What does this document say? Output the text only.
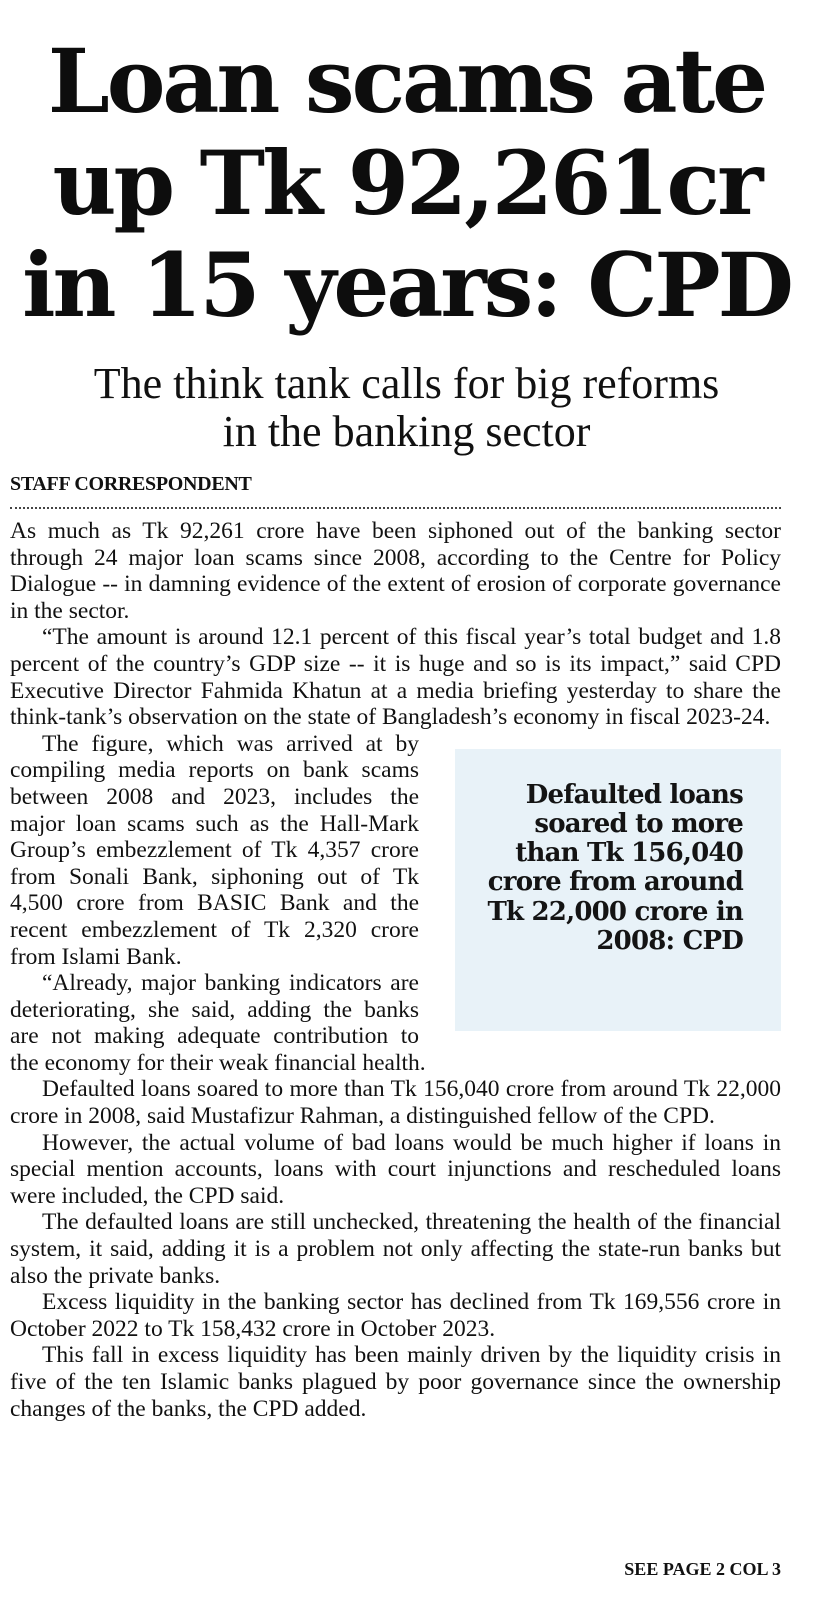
Loan scams ate
up Tk 92,261cr
in 15 years: CPD
The think tank calls for big reforms
in the banking sector
STAFF CORRESPONDENT

As much as Tk 92,261 crore have been siphoned out of the banking sector through 24 major loan scams since 2008, according to the Centre for Policy Dialogue -- in damning evidence of the extent of erosion of corporate governance in the sector.

“The amount is around 12.1 percent of this fiscal year’s total budget and 1.8 percent of the country’s GDP size -- it is huge and so is its impact,” said CPD Executive Director Fahmida Khatun at a media briefing yesterday to share the think-tank’s observation on the state of Bangladesh’s economy in fiscal 2023-24.

Defaulted loans soared to more than Tk 156,040 crore from around Tk 22,000 crore in 2008: CPD

The figure, which was arrived at by compiling media reports on bank scams between 2008 and 2023, includes the major loan scams such as the Hall-Mark Group’s embezzlement of Tk 4,357 crore from Sonali Bank, siphoning out of Tk 4,500 crore from BASIC Bank and the recent embezzlement of Tk 2,320 crore from Islami Bank.

“Already, major banking indicators are deteriorating, she said, adding the banks are not making adequate contribution to the economy for their weak financial health.

Defaulted loans soared to more than Tk 156,040 crore from around Tk 22,000 crore in 2008, said Mustafizur Rahman, a distinguished fellow of the CPD.

However, the actual volume of bad loans would be much higher if loans in special mention accounts, loans with court injunctions and rescheduled loans were included, the CPD said.

The defaulted loans are still unchecked, threatening the health of the financial system, it said, adding it is a problem not only affecting the state-run banks but also the private banks.

Excess liquidity in the banking sector has declined from Tk 169,556 crore in October 2022 to Tk 158,432 crore in October 2023.

This fall in excess liquidity has been mainly driven by the liquidity crisis in five of the ten Islamic banks plagued by poor governance since the ownership changes of the banks, the CPD added.

SEE PAGE 2 COL 3
